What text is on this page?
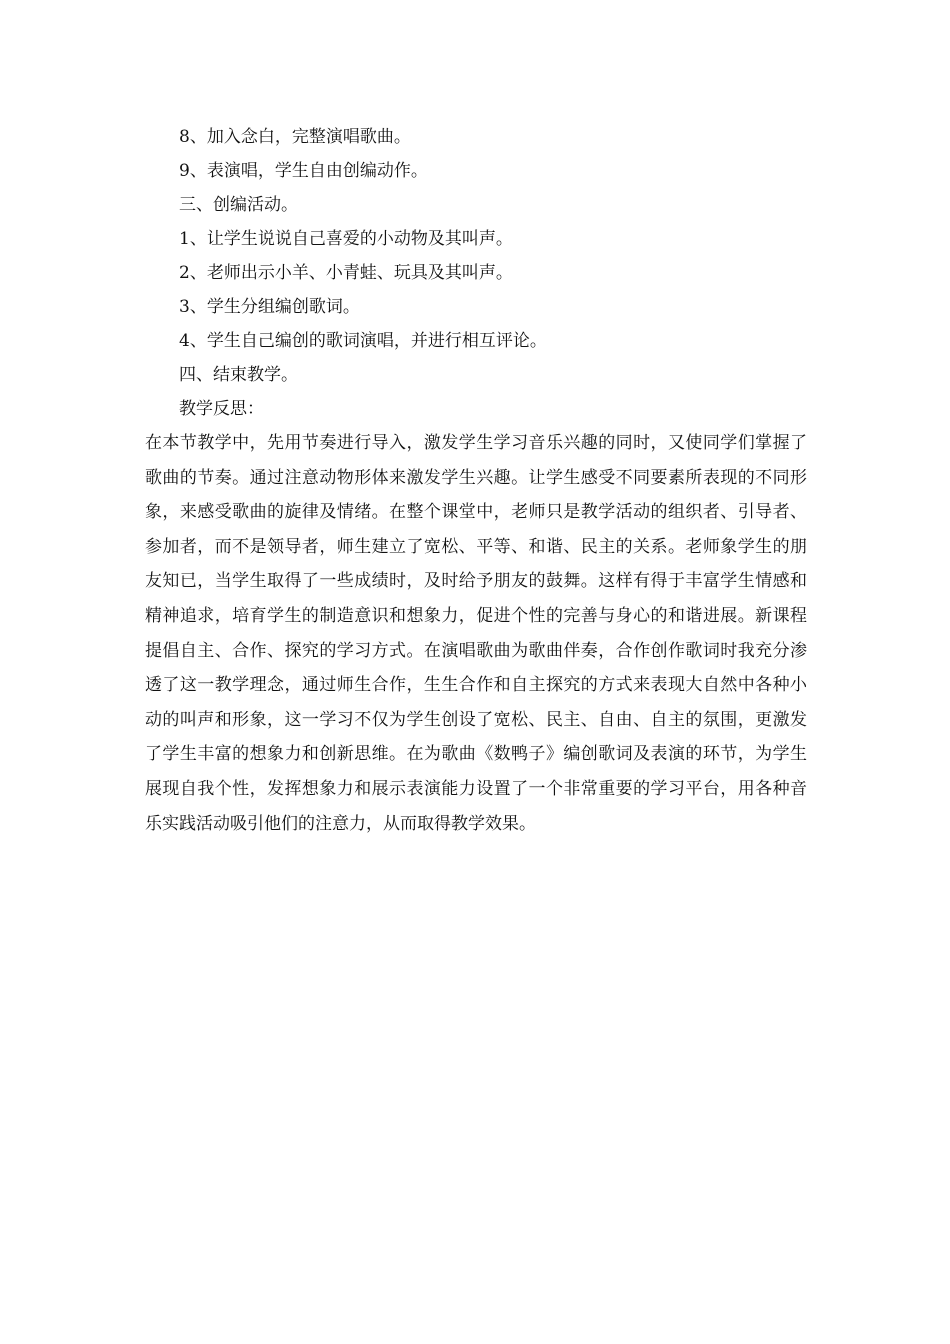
8、加入念白，完整演唱歌曲。
9、表演唱，学生自由创编动作。
三、创编活动。
1、让学生说说自己喜爱的小动物及其叫声。
2、老师出示小羊、小青蛙、玩具及其叫声。
3、学生分组编创歌词。
4、学生自己编创的歌词演唱，并进行相互评论。
四、结束教学。
教学反思：

在本节教学中，先用节奏进行导入，激发学生学习音乐兴趣的同时，又使同学们掌握了歌曲的节奏。通过注意动物形体来激发学生兴趣。让学生感受不同要素所表现的不同形象，来感受歌曲的旋律及情绪。在整个课堂中，老师只是教学活动的组织者、引导者、参加者，而不是领导者，师生建立了宽松、平等、和谐、民主的关系。老师象学生的朋友知已，当学生取得了一些成绩时，及时给予朋友的鼓舞。这样有得于丰富学生情感和精神追求，培育学生的制造意识和想象力，促进个性的完善与身心的和谐进展。新课程提倡自主、合作、探究的学习方式。在演唱歌曲为歌曲伴奏，合作创作歌词时我充分渗透了这一教学理念，通过师生合作，生生合作和自主探究的方式来表现大自然中各种小动的叫声和形象，这一学习不仅为学生创设了宽松、民主、自由、自主的氛围，更激发了学生丰富的想象力和创新思维。在为歌曲《数鸭子》编创歌词及表演的环节，为学生展现自我个性，发挥想象力和展示表演能力设置了一个非常重要的学习平台，用各种音乐实践活动吸引他们的注意力，从而取得教学效果。
